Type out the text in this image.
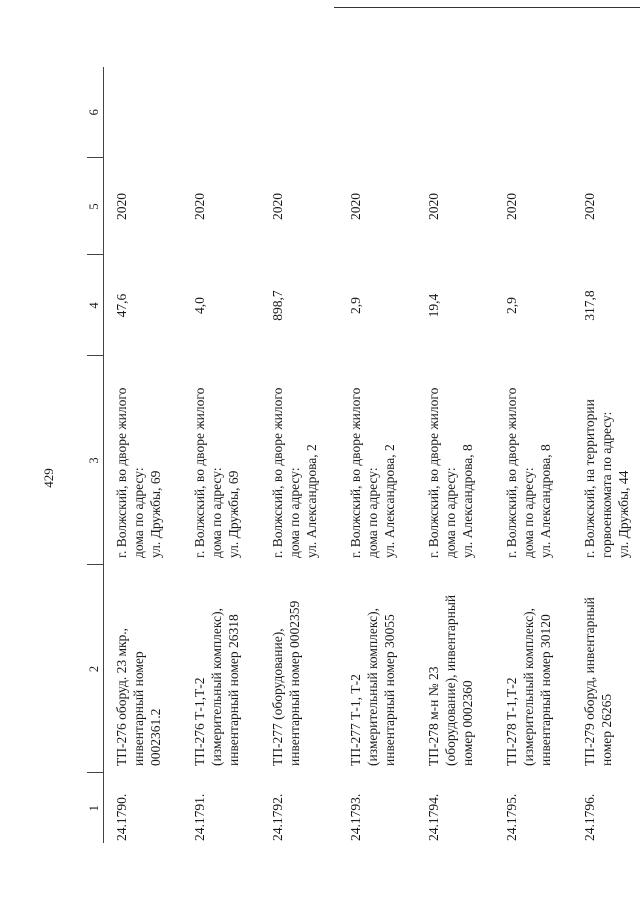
429
1	2	3	4	5	6
24.1790.	ТП-276 оборуд. 23 мкр., инвентарный номер 0002361.2	г. Волжский, во дворе жилого дома по адресу: ул. Дружбы, 69	47,6	2020	
24.1791.	ТП-276 Т-1,Т-2 (измерительный комплекс), инвентарный номер 26318	г. Волжский, во дворе жилого дома по адресу: ул. Дружбы, 69	4,0	2020	
24.1792.	ТП-277 (оборудование), инвентарный номер 0002359	г. Волжский, во дворе жилого дома по адресу: ул. Александрова, 2	898,7	2020	
24.1793.	ТП-277 Т-1, Т-2 (измерительный комплекс), инвентарный номер 30055	г. Волжский, во дворе жилого дома по адресу: ул. Александрова, 2	2,9	2020	
24.1794.	ТП-278 м-н № 23 (оборудование), инвентарный номер 0002360	г. Волжский, во дворе жилого дома по адресу: ул. Александрова, 8	19,4	2020	
24.1795.	ТП-278 Т-1,Т-2 (измерительный комплекс), инвентарный номер 30120	г. Волжский, во дворе жилого дома по адресу: ул. Александрова, 8	2,9	2020	
24.1796.	ТП-279 оборуд, инвентарный номер 26265	г. Волжский, на территории горвоенкомата по адресу: ул. Дружбы, 44	317,8	2020	
